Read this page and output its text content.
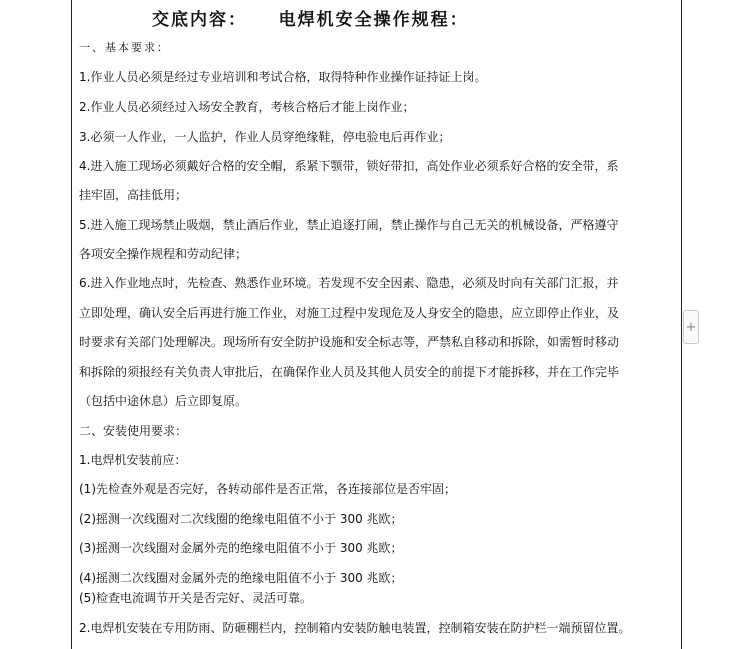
交底内容：    电焊机安全操作规程：
一、基本要求：
1.作业人员必须是经过专业培训和考试合格，取得特种作业操作证持证上岗。
2.作业人员必须经过入场安全教育，考核合格后才能上岗作业；
3.必须一人作业，一人监护，作业人员穿绝缘鞋，停电验电后再作业；
4.进入施工现场必须戴好合格的安全帽，系紧下颚带，锁好带扣，高处作业必须系好合格的安全带，系
挂牢固，高挂低用；
5.进入施工现场禁止吸烟，禁止酒后作业，禁止追逐打闹，禁止操作与自己无关的机械设备，严格遵守
各项安全操作规程和劳动纪律；
6.进入作业地点时，先检查、熟悉作业环境。若发现不安全因素、隐患，必须及时向有关部门汇报，并
立即处理，确认安全后再进行施工作业，对施工过程中发现危及人身安全的隐患，应立即停止作业，及
时要求有关部门处理解决。现场所有安全防护设施和安全标志等，严禁私自移动和拆除，如需暂时移动
和拆除的须报经有关负责人审批后，在确保作业人员及其他人员安全的前提下才能拆移，并在工作完毕
（包括中途休息）后立即复原。
二、安装使用要求：
1.电焊机安装前应：
(1)先检查外观是否完好，各转动部件是否正常，各连接部位是否牢固；
(2)摇测一次线圈对二次线圈的绝缘电阻值不小于 300 兆欧；
(3)摇测一次线圈对金属外壳的绝缘电阻值不小于 300 兆欧；
(4)摇测二次线圈对金属外壳的绝缘电阻值不小于 300 兆欧；
(5)检查电流调节开关是否完好、灵活可靠。
2.电焊机安装在专用防雨、防砸棚栏内，控制箱内安装防触电装置，控制箱安装在防护栏一端预留位置。
+
